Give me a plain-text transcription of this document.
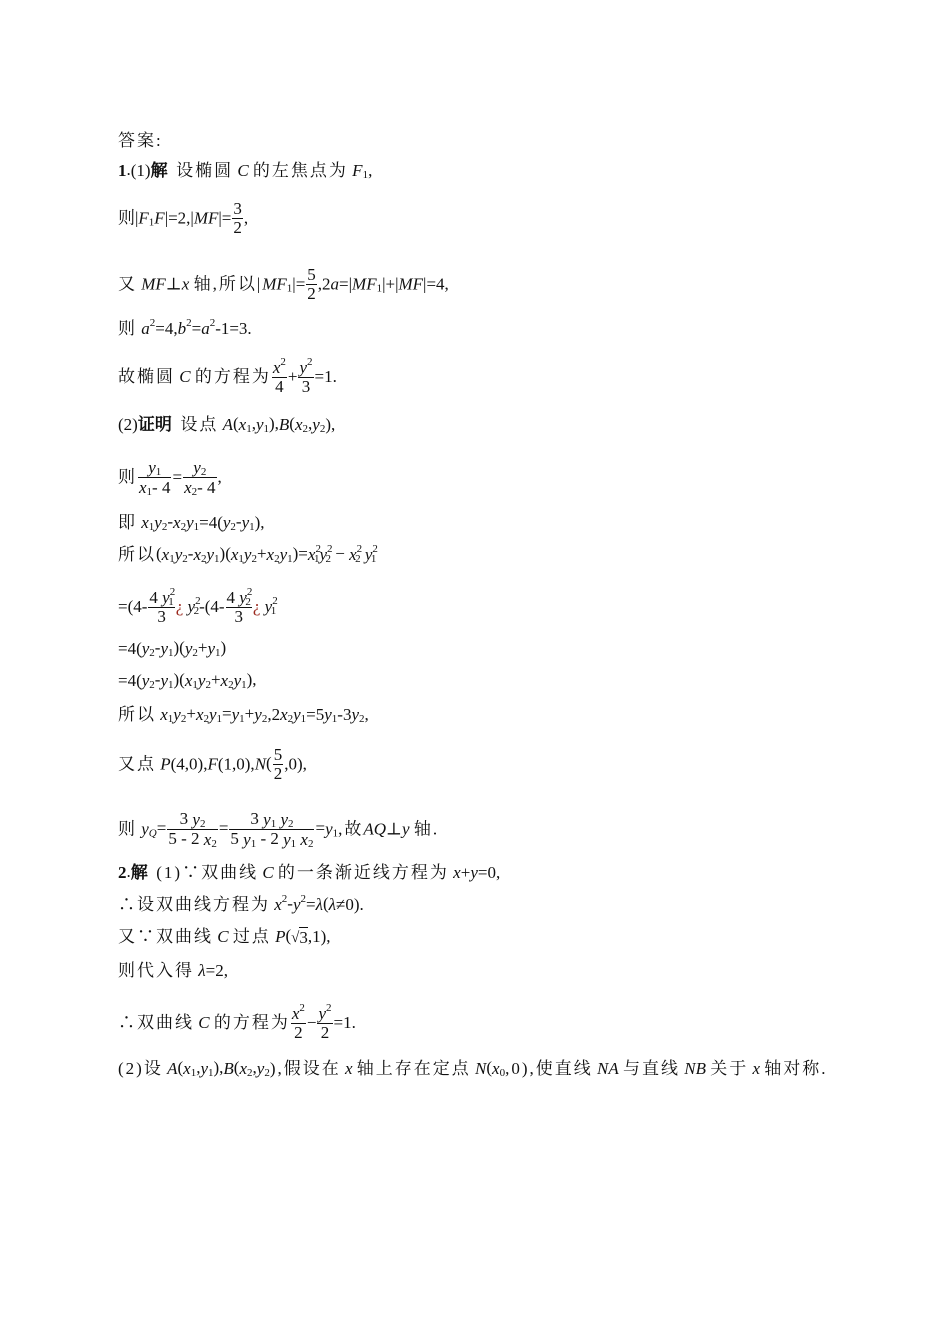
答案:
1.(1)解 设椭圆 C 的左焦点为 $F_1$,
则$|F_1F|=2,|MF|= \frac{3}{2}$ ,
又 MF⊥x 轴,所以$|MF_1|= \frac{5}{2} ,2a=|MF_1|+|MF|=4$,
则 $a^2=4,b^2=a^2-1=3$.
故椭圆 C 的方程为 $\frac{x^2}{4} + \frac{y^2}{3} =1$.
(2)证明 设点 $A(x_1,y_1),B(x_2,y_2)$,
则 $\frac{y_1}{x_1- 4} = \frac{y_2}{x_2- 4}$ ,
即 $x_1y_2-x_2y_1=4(y_2-y_1)$,
所以$(x_1y_2-x_2y_1)(x_1y_2+x_2y_1)=x^2_1y^2_2 - x^2_2$ $y^2_1$
$=(4- \frac{4 y^2_1}{3}$ ¿ $y^2_2-(4- \frac{4 y^2_2}{3}$ ¿ $y^2_1$
$=4(y_2-y_1)(y_2+y_1)$
$=4(y_2-y_1)(x_1y_2+x_2y_1)$,
所以 $x_1y_2+x_2y_1=y_1+y_2,2x_2y_1=5y_1-3y_2$,
又点 $P(4,0),F(1,0),N( \frac{5}{2} ,0)$,
则 $y_Q= \frac{3 y_2}{5 - 2 x_2} = \frac{3 y_1 y_2}{5 y_1 - 2 y_1 x_2} =y_1$,故AQ⊥y 轴.
2.解 (1)∵双曲线 C 的一条渐近线方程为 x+y=0,
∴设双曲线方程为 $x^2-y^2=\lambda(\lambda\ne 0)$.
又∵双曲线 C 过点 P(√3,1),
则代入得 λ=2,
∴双曲线 C 的方程为 $\frac{x^2}{2} - \frac{y^2}{2} =1$.
(2)设 $A(x_1,y_1),B(x_2,y_2)$,假设在 x 轴上存在定点 $N(x_0,0)$,使直线 NA 与直线 NB 关于 x 轴对称.
